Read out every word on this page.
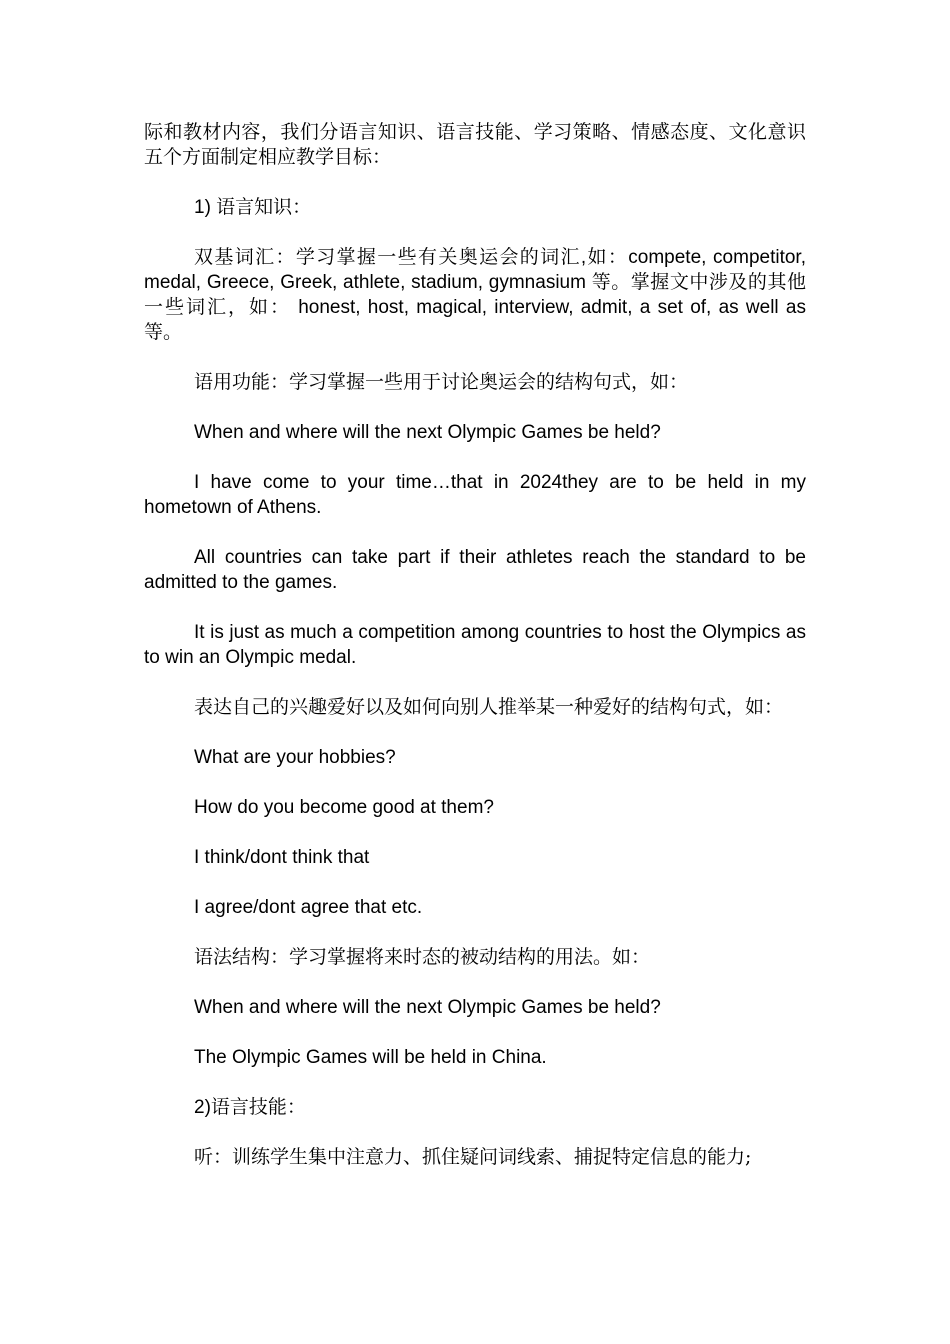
际和教材内容，我们分语言知识、语言技能、学习策略、情感态度、文化意识五个方面制定相应教学目标：

1) 语言知识：

双基词汇：学习掌握一些有关奥运会的词汇,如：compete, competitor, medal, Greece, Greek, athlete, stadium, gymnasium 等。掌握文中涉及的其他一些词汇，如： honest, host, magical, interview, admit, a set of, as well as 等。

语用功能：学习掌握一些用于讨论奥运会的结构句式，如：

When and where will the next Olympic Games be held?

I have come to your time…that in 2024they are to be held in my hometown of Athens.

All countries can take part if their athletes reach the standard to be admitted to the games.

It is just as much a competition among countries to host the Olympics as to win an Olympic medal.

表达自己的兴趣爱好以及如何向别人推举某一种爱好的结构句式，如：

What are your hobbies?

How do you become good at them?

I think/dont think that

I agree/dont agree that etc.

语法结构：学习掌握将来时态的被动结构的用法。如：

When and where will the next Olympic Games be held?

The Olympic Games will be held in China.

2)语言技能：

听：训练学生集中注意力、抓住疑问词线索、捕捉特定信息的能力;
